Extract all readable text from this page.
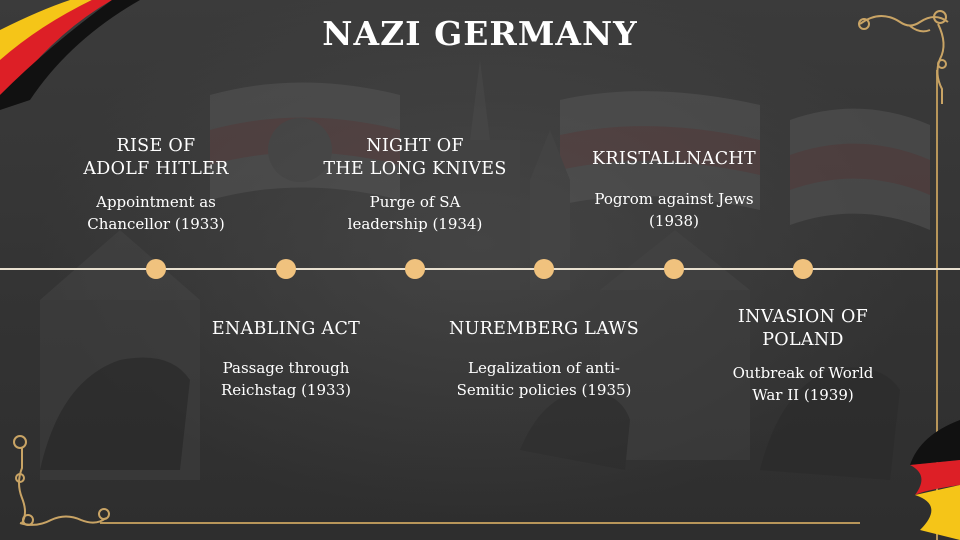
NAZI GERMANY
RISE OF
ADOLF HITLER
Appointment as
Chancellor (1933)
ENABLING ACT
Passage through
Reichstag (1933)
NIGHT OF
THE LONG KNIVES
Purge of SA
leadership (1934)
NUREMBERG LAWS
Legalization of anti-
Semitic policies (1935)
KRISTALLNACHT
Pogrom against Jews
(1938)
INVASION OF
POLAND
Outbreak of World
War II (1939)
